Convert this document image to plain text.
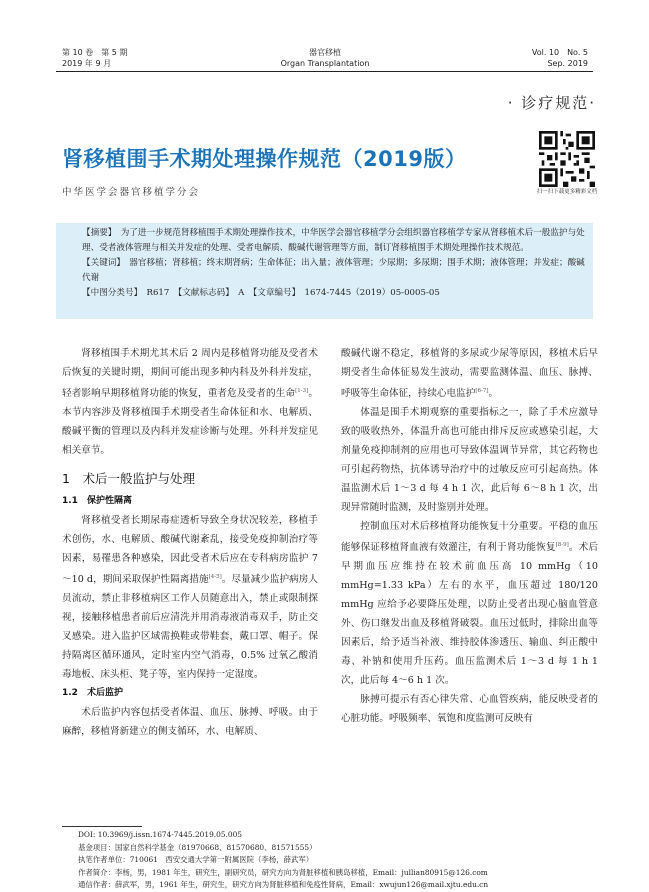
第 10 卷　第 5 期
2019 年 9 月
器官移植
Organ Transplantation
Vol. 10　No. 5
Sep. 2019
· 诊疗规范·
肾移植围手术期处理操作规范（2019版）
中华医学会器官移植学分会	扫一扫下载更多精彩文档

【摘要】　 为了进一步规范肾移植围手术期处理操作技术，中华医学会器官移植学分会组织器官移植学专家从肾移植术后一般监护与处理、受者液体管理与相关并发症的处理、受者电解质、酸碱代谢管理等方面，制订肾移植围手术期处理操作技术规范。

【关键词】　 器官移植；肾移植；终末期肾病；生命体征；出入量；液体管理；少尿期；多尿期；围手术期；液体管理；并发症；酸碱代谢

【中图分类号】　 R617　 【文献标志码】　 A　 【文章编号】　 1674-7445（2019）05-0005-05

肾移植围手术期尤其术后 2 周内是移植肾功能及受者术后恢复的关键时期，期间可能出现多种内科及外科并发症，轻者影响早期移植肾功能的恢复，重者危及受者的生命[1-3]。本节内容涉及肾移植围手术期受者生命体征和水、电解质、酸碱平衡的管理以及内科并发症诊断与处理。外科并发症见相关章节。

1　术后一般监护与处理
1.1　保护性隔离

肾移植受者长期尿毒症透析导致全身状况较差，移植手术创伤，水、电解质、酸碱代谢紊乱，接受免疫抑制治疗等因素，易罹患各种感染，因此受者术后应在专科病房监护 7～10 d，期间采取保护性隔离措施[4-5]。尽量减少监护病房人员流动，禁止非移植病区工作人员随意出入，禁止或限制探视，接触移植患者前后应清洗并用消毒液消毒双手，防止交叉感染。进入监护区域需换鞋或带鞋套，戴口罩、帽子。保持隔离区循环通风，定时室内空气消毒，0.5% 过氧乙酸消毒地板、床头柜、凳子等，室内保持一定湿度。

1.2　术后监护

术后监护内容包括受者体温、血压、脉搏、呼吸。由于麻醉，移植肾新建立的侧支循环，水、电解质、

酸碱代谢不稳定，移植肾的多尿或少尿等原因，移植术后早期受者生命体征易发生波动，需要监测体温、血压、脉搏、呼吸等生命体征，持续心电监护[6-7]。

体温是围手术期观察的重要指标之一，除了手术应激导致的吸收热外，体温升高也可能由排斥反应或感染引起，大剂量免疫抑制剂的应用也可导致体温调节异常，其它药物也可引起药物热，抗体诱导治疗中的过敏反应可引起高热。体温监测术后 1～3 d 每 4 h 1 次，此后每 6～8 h 1 次，出现异常随时监测，及时鉴别并处理。

控制血压对术后移植肾功能恢复十分重要。平稳的血压能够保证移植肾血液有效灌注，有利于肾功能恢复[8-9]。术后早期血压应维持在较术前血压高 10 mmHg（10 mmHg=1.33 kPa）左右的水平，血压超过 180/120 mmHg 应给予必要降压处理，以防止受者出现心脑血管意外、伤口继发出血及移植肾破裂。血压过低时，排除出血等因素后，给予适当补液、维持胶体渗透压、输血、纠正酸中毒、补钠和使用升压药。血压监测术后 1～3 d 每 1 h 1 次，此后每 4～6 h 1 次。

脉搏可提示有否心律失常、心血管疾病，能反映受者的心脏功能。呼吸频率、氧饱和度监测可反映有

DOI: 10.3969/j.issn.1674-7445.2019.05.005
基金项目：国家自然科学基金（81970668、81570680、81571555）
执笔作者单位：710061　西安交通大学第一附属医院（李杨，薛武军）
作者简介：李杨，男，1981 年生，研究生，副研究员，研究方向为肾脏移植和胰岛移植，Email：jullian80915@126.com
通信作者：薛武军，男，1961 年生，研究生，研究方向为肾脏移植和免疫性肾病，Email：xwujun126@mail.xjtu.edu.cn
